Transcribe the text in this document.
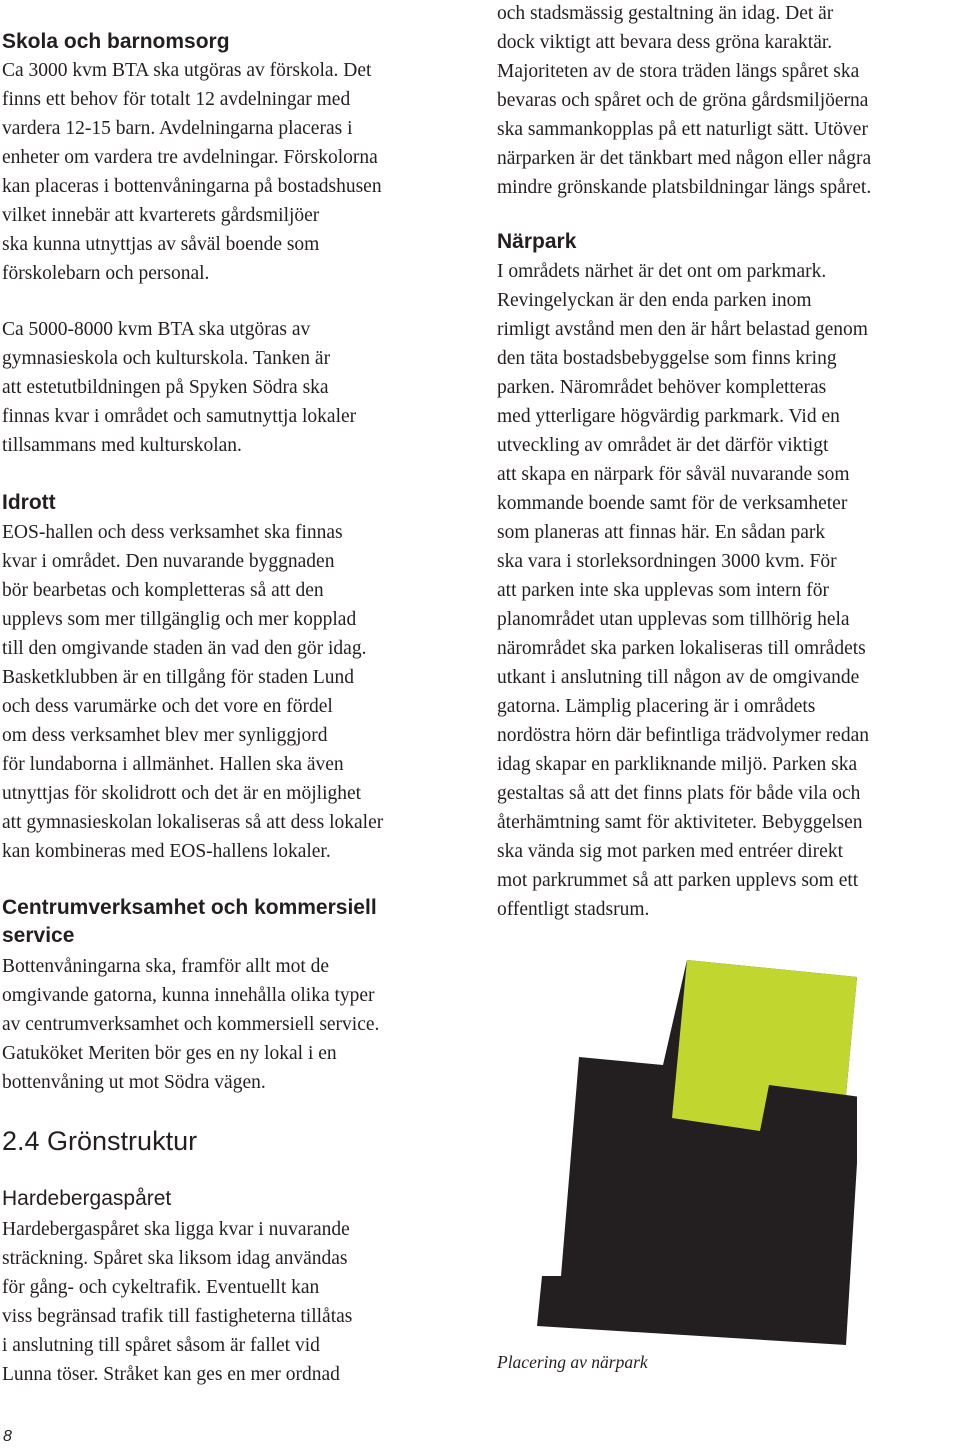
Skola och barnomsorg

Ca 3000 kvm BTA ska utgöras av förskola. Det
finns ett behov för totalt 12 avdelningar med
vardera 12-15 barn. Avdelningarna placeras i
enheter om vardera tre avdelningar. Förskolorna
kan placeras i bottenvåningarna på bostadshusen
vilket innebär att kvarterets gårdsmiljöer
ska kunna utnyttjas av såväl boende som
förskolebarn och personal.

Ca 5000-8000 kvm BTA ska utgöras av
gymnasieskola och kulturskola. Tanken är
att estetutbildningen på Spyken Södra ska
finnas kvar i området och samutnyttja lokaler
tillsammans med kulturskolan.

Idrott

EOS-hallen och dess verksamhet ska finnas
kvar i området. Den nuvarande byggnaden
bör bearbetas och kompletteras så att den
upplevs som mer tillgänglig och mer kopplad
till den omgivande staden än vad den gör idag.
Basketklubben är en tillgång för staden Lund
och dess varumärke och det vore en fördel
om dess verksamhet blev mer synliggjord
för lundaborna i allmänhet. Hallen ska även
utnyttjas för skolidrott och det är en möjlighet
att gymnasieskolan lokaliseras så att dess lokaler
kan kombineras med EOS-hallens lokaler.

Centrumverksamhet och kommersiell
service

Bottenvåningarna ska, framför allt mot de
omgivande gatorna, kunna innehålla olika typer
av centrumverksamhet och kommersiell service.
Gatuköket Meriten bör ges en ny lokal i en
bottenvåning ut mot Södra vägen.

2.4 Grönstruktur
Hardebergaspåret

Hardebergaspåret ska ligga kvar i nuvarande
sträckning. Spåret ska liksom idag användas
för gång- och cykeltrafik. Eventuellt kan
viss begränsad trafik till fastigheterna tillåtas
i anslutning till spåret såsom är fallet vid
Lunna töser. Stråket kan ges en mer ordnad

och stadsmässig gestaltning än idag. Det är
dock viktigt att bevara dess gröna karaktär.
Majoriteten av de stora träden längs spåret ska
bevaras och spåret och de gröna gårdsmiljöerna
ska sammankopplas på ett naturligt sätt. Utöver
närparken är det tänkbart med någon eller några
mindre grönskande platsbildningar längs spåret.

Närpark

I områdets närhet är det ont om parkmark.
Revingelyckan är den enda parken inom
rimligt avstånd men den är hårt belastad genom
den täta bostadsbebyggelse som finns kring
parken. Närområdet behöver kompletteras
med ytterligare högvärdig parkmark. Vid en
utveckling av området är det därför viktigt
att skapa en närpark för såväl nuvarande som
kommande boende samt för de verksamheter
som planeras att finnas här. En sådan park
ska vara i storleksordningen 3000 kvm. För
att parken inte ska upplevas som intern för
planområdet utan upplevas som tillhörig hela
närområdet ska parken lokaliseras till områdets
utkant i anslutning till någon av de omgivande
gatorna. Lämplig placering är i områdets
nordöstra hörn där befintliga trädvolymer redan
idag skapar en parkliknande miljö. Parken ska
gestaltas så att det finns plats för både vila och
återhämtning samt för aktiviteter. Bebyggelsen
ska vända sig mot parken med entréer direkt
mot parkrummet så att parken upplevs som ett
offentligt stadsrum.

Placering av närpark
8
